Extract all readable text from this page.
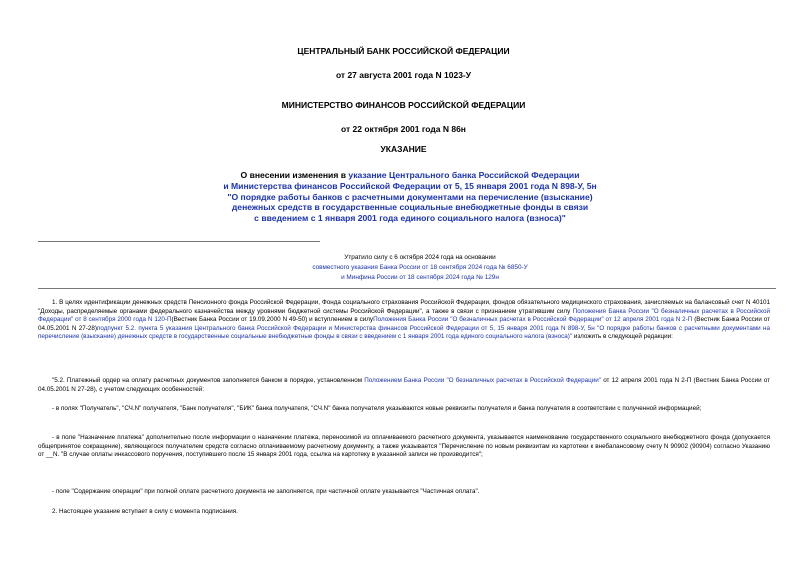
ЦЕНТРАЛЬНЫЙ БАНК РОССИЙСКОЙ ФЕДЕРАЦИИ
от 27 августа 2001 года N 1023-У
МИНИСТЕРСТВО ФИНАНСОВ РОССИЙСКОЙ ФЕДЕРАЦИИ
от 22 октября 2001 года N 86н
УКАЗАНИЕ
О внесении изменения в указание Центрального банка Российской Федерации
и Министерства финансов Российской Федерации от 5, 15 января 2001 года N 898-У, 5н
"О порядке работы банков с расчетными документами на перечисление (взыскание)
денежных средств в государственные социальные внебюджетные фонды в связи
с введением с 1 января 2001 года единого социального налога (взноса)"
Утратило силу с 6 октября 2024 года на основании
совместного указания Банка России от 18 сентября 2024 года № 6850-У
и Минфина России от 18 сентября 2024 года № 129н
1. В целях идентификации денежных средств Пенсионного фонда Российской Федерации, Фонда социального страхования Российской Федерации, фондов обязательного медицинского страхования, зачисляемых на балансовый счет N 40101 "Доходы, распределяемые органами федерального казначейства между уровнями бюджетной системы Российской Федерации", а также в связи с признанием утратившим силу Положения Банка России "О безналичных расчетах в Российской Федерации" от 8 сентября 2000 года N 120-П(Вестник Банка России от 19.09.2000 N 49-50) и вступлением в силуПоложения Банка России "О безналичных расчетах в Российской Федерации" от 12 апреля 2001 года N 2-П (Вестник Банка России от 04.05.2001 N 27-28)подпункт 5.2. пункта 5 указания Центрального банка Российской Федерации и Министерства финансов Российской Федерации от 5, 15 января 2001 года N 898-У, 5н "О порядке работы банков с расчетными документами на перечисление (взыскание) денежных средств в государственные социальные внебюджетные фонды в связи с введением с 1 января 2001 года единого социального налога (взноса)" изложить в следующей редакции:
"5.2. Платежный ордер на оплату расчетных документов заполняется банком в порядке, установленном Положением Банка России "О безналичных расчетах в Российской Федерации" от 12 апреля 2001 года N 2-П (Вестник Банка России от 04.05.2001 N 27-28), с учетом следующих особенностей:
- в полях "Получатель", "СЧ.N" получателя, "Банк получателя", "БИК" банка получателя, "СЧ.N" банка получателя указываются новые реквизиты получателя и банка получателя в соответствии с полученной информацией;
- в поле "Назначение платежа" дополнительно после информации о назначении платежа, переносимой из оплачиваемого расчетного документа, указывается наименование государственного социального внебюджетного фонда (допускается общепринятое сокращение), являющегося получателем средств согласно оплачиваемому расчетному документу, а также указывается "Перечисление по новым реквизитам из картотеки к внебалансовому счету N 90902 (90904) согласно Указанию от __N. "В случае оплаты инкассового поручения, поступившего после 15 января 2001 года, ссылка на картотеку в указанной записи не производится";
- поле "Содержание операции" при полной оплате расчетного документа не заполняется, при частичной оплате указывается "Частичная оплата".
2. Настоящее указание вступает в силу с момента подписания.
